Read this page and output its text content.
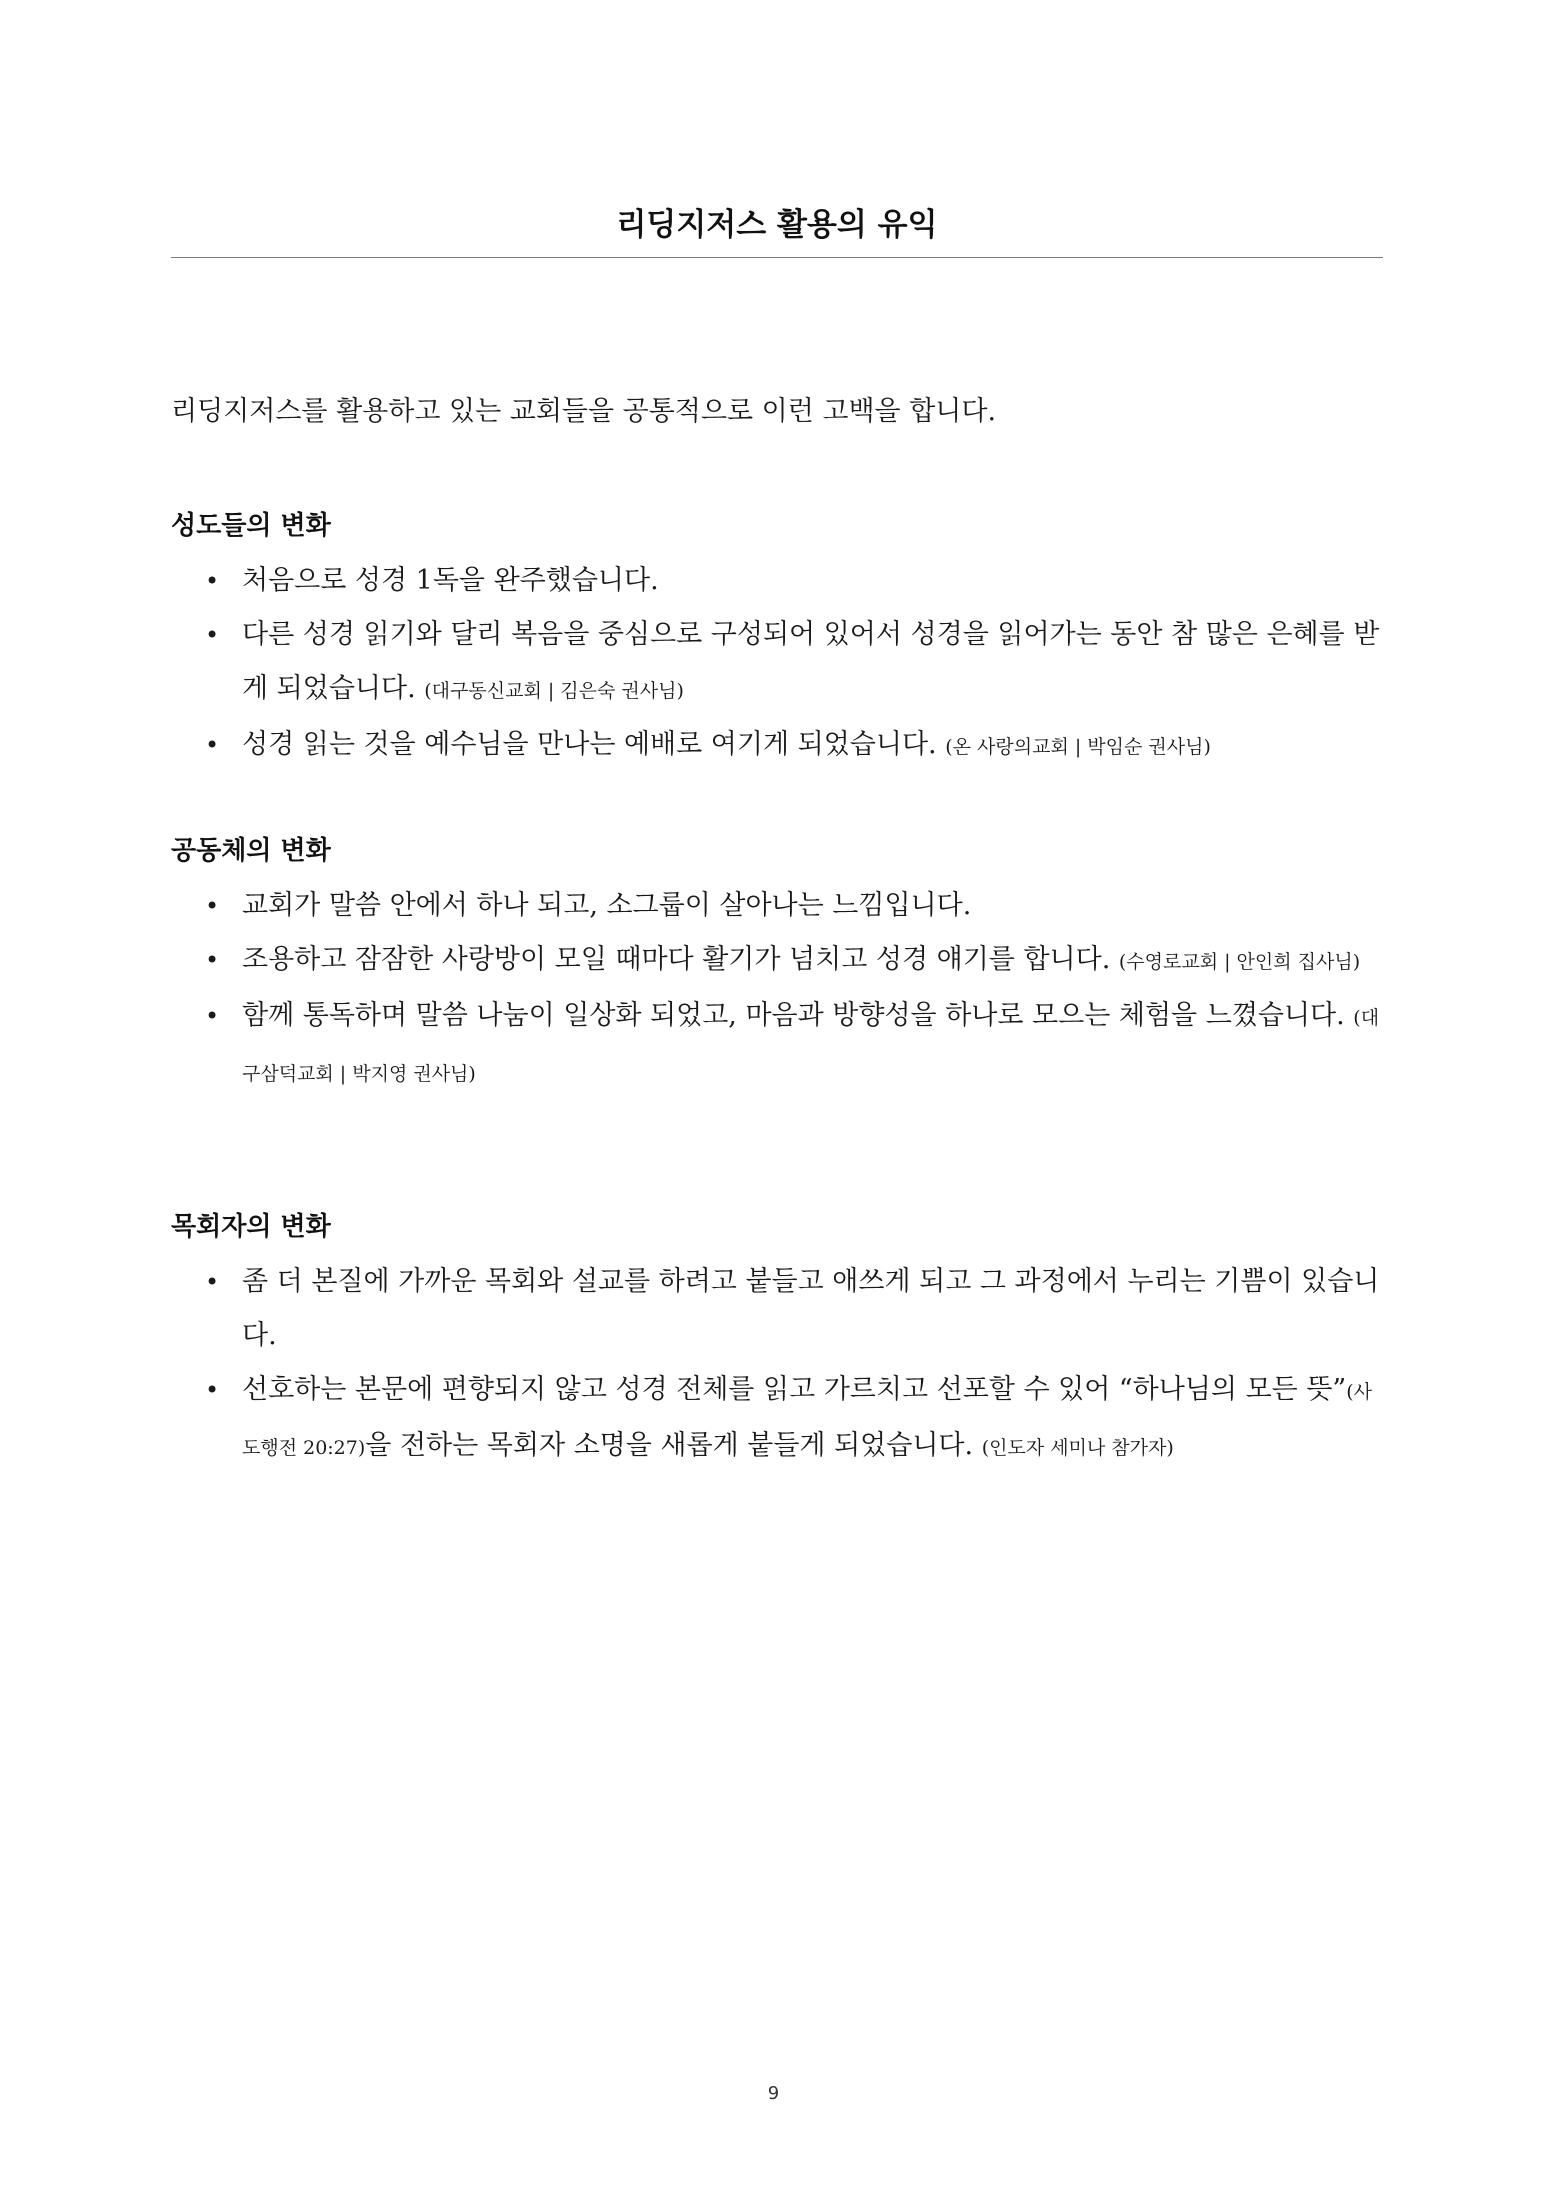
리딩지저스 활용의 유익
리딩지저스를 활용하고 있는 교회들을 공통적으로 이런 고백을 합니다.
성도들의 변화
• 처음으로 성경 1독을 완주했습니다.
• 다른 성경 읽기와 달리 복음을 중심으로 구성되어 있어서 성경을 읽어가는 동안 참 많은 은혜를 받게 되었습니다. (대구동신교회 | 김은숙 권사님)
• 성경 읽는 것을 예수님을 만나는 예배로 여기게 되었습니다. (온 사랑의교회 | 박임순 권사님)
공동체의 변화
• 교회가 말씀 안에서 하나 되고, 소그룹이 살아나는 느낌입니다.
• 조용하고 잠잠한 사랑방이 모일 때마다 활기가 넘치고 성경 얘기를 합니다. (수영로교회 | 안인희 집사님)
• 함께 통독하며 말씀 나눔이 일상화 되었고, 마음과 방향성을 하나로 모으는 체험을 느꼈습니다. (대구삼덕교회 | 박지영 권사님)
목회자의 변화
• 좀 더 본질에 가까운 목회와 설교를 하려고 붙들고 애쓰게 되고 그 과정에서 누리는 기쁨이 있습니다.
• 선호하는 본문에 편향되지 않고 성경 전체를 읽고 가르치고 선포할 수 있어 “하나님의 모든 뜻”(사도행전 20:27)을 전하는 목회자 소명을 새롭게 붙들게 되었습니다. (인도자 세미나 참가자)
9
